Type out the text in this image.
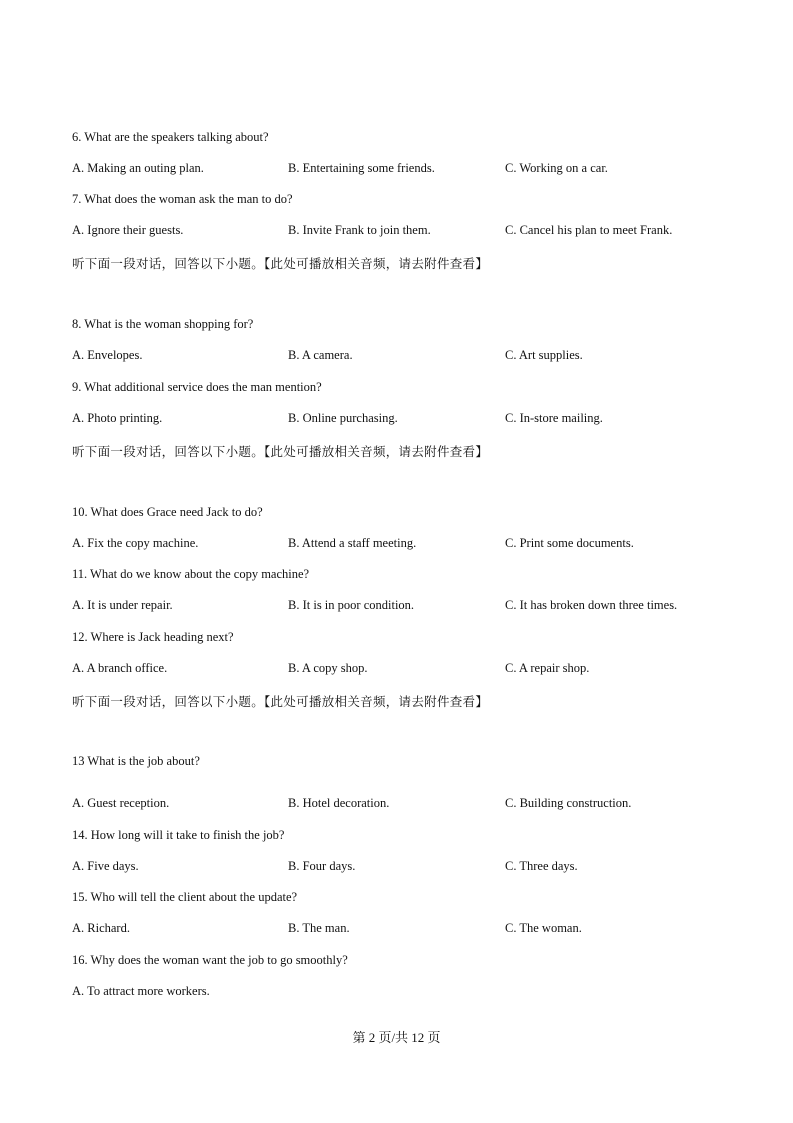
6. What are the speakers talking about?
A. Making an outing plan.	B. Entertaining some friends.	C. Working on a car.
7. What does the woman ask the man to do?
A. Ignore their guests.	B. Invite Frank to join them.	C. Cancel his plan to meet Frank.
听下面一段对话，回答以下小题。【此处可播放相关音频，请去附件查看】
8. What is the woman shopping for?
A. Envelopes.	B. A camera.	C. Art supplies.
9. What additional service does the man mention?
A. Photo printing.	B. Online purchasing.	C. In-store mailing.
听下面一段对话，回答以下小题。【此处可播放相关音频，请去附件查看】
10. What does Grace need Jack to do?
A. Fix the copy machine.	B. Attend a staff meeting.	C. Print some documents.
11. What do we know about the copy machine?
A. It is under repair.	B. It is in poor condition.	C. It has broken down three times.
12. Where is Jack heading next?
A. A branch office.	B. A copy shop.	C. A repair shop.
听下面一段对话，回答以下小题。【此处可播放相关音频，请去附件查看】
13 What is the job about?
A. Guest reception.	B. Hotel decoration.	C. Building construction.
14. How long will it take to finish the job?
A. Five days.	B. Four days.	C. Three days.
15. Who will tell the client about the update?
A. Richard.	B. The man.	C. The woman.
16. Why does the woman want the job to go smoothly?
A. To attract more workers.
第 2 页/共 12 页
